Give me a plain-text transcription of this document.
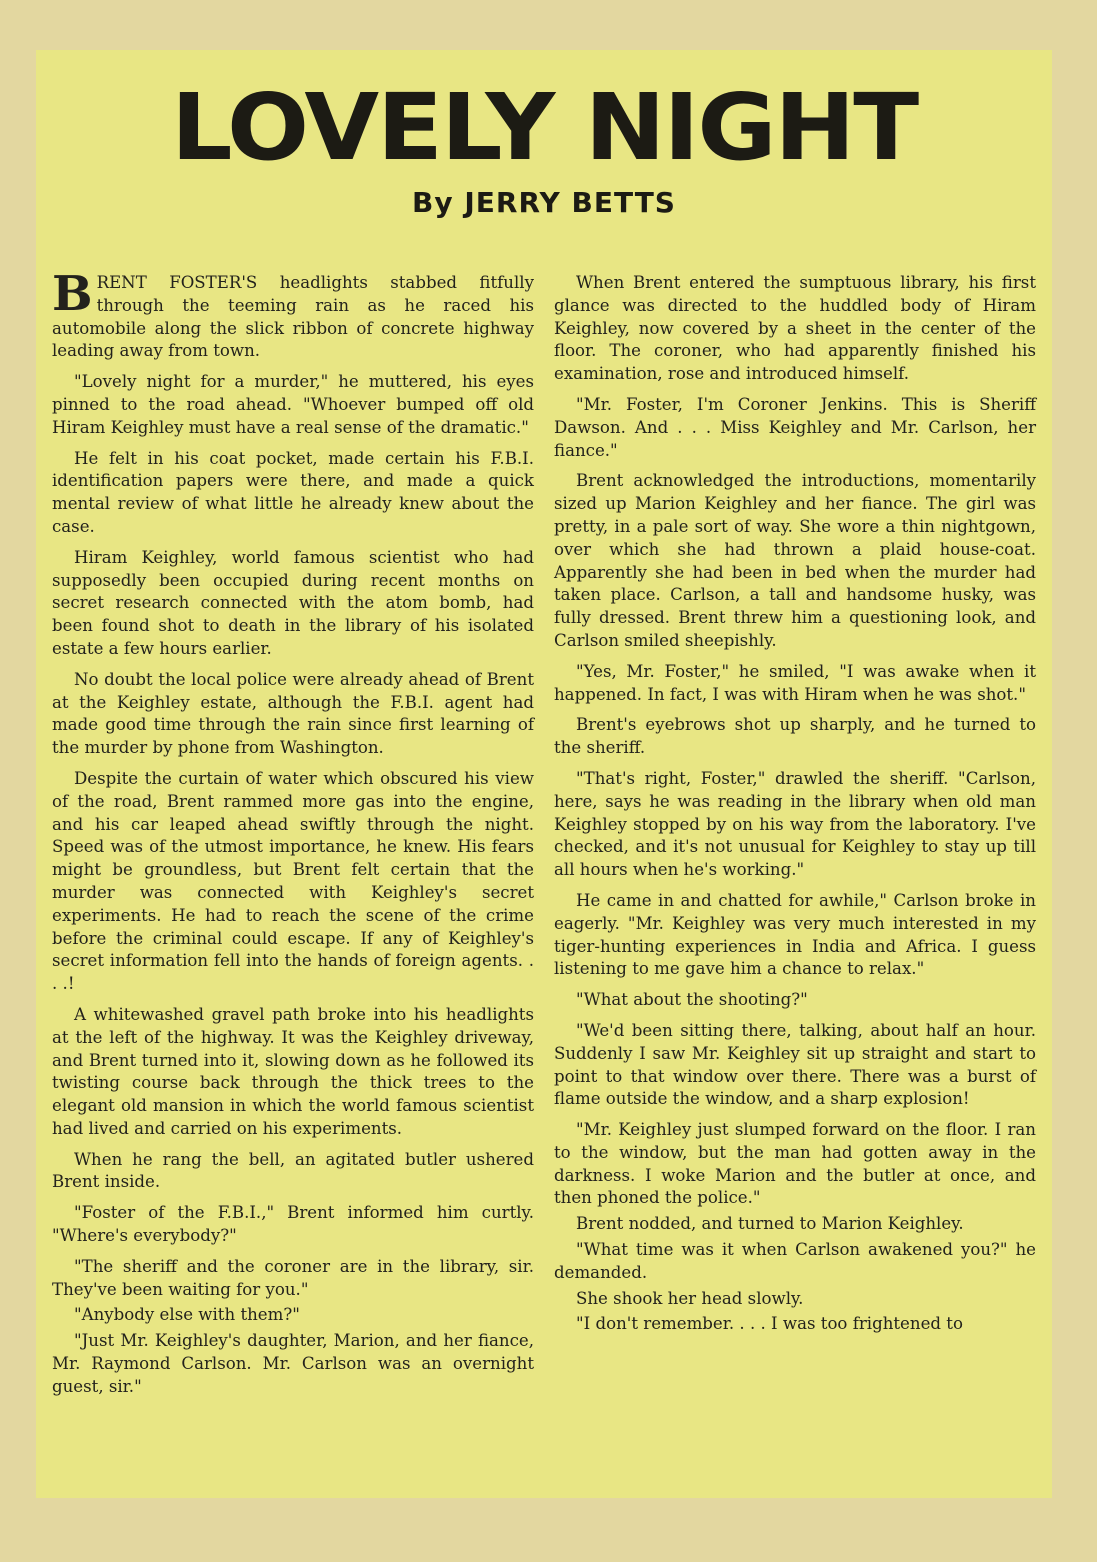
LOVELY NIGHT
By JERRY BETTS

BRENT FOSTER'S headlights stabbed fitfully through the teeming rain as he raced his automobile along the slick ribbon of concrete highway leading away from town.

"Lovely night for a murder," he muttered, his eyes pinned to the road ahead. "Whoever bumped off old Hiram Keighley must have a real sense of the dramatic."

He felt in his coat pocket, made certain his F.B.I. identification papers were there, and made a quick mental review of what little he already knew about the case.

Hiram Keighley, world famous scientist who had supposedly been occupied during recent months on secret research connected with the atom bomb, had been found shot to death in the library of his isolated estate a few hours earlier.

No doubt the local police were already ahead of Brent at the Keighley estate, although the F.B.I. agent had made good time through the rain since first learning of the murder by phone from Washington.

Despite the curtain of water which obscured his view of the road, Brent rammed more gas into the engine, and his car leaped ahead swiftly through the night. Speed was of the utmost importance, he knew. His fears might be groundless, but Brent felt certain that the murder was connected with Keighley's secret experiments. He had to reach the scene of the crime before the criminal could escape. If any of Keighley's secret information fell into the hands of foreign agents. . . .!

A whitewashed gravel path broke into his headlights at the left of the highway. It was the Keighley driveway, and Brent turned into it, slowing down as he followed its twisting course back through the thick trees to the elegant old mansion in which the world famous scientist had lived and carried on his experiments.

When he rang the bell, an agitated butler ushered Brent inside.

"Foster of the F.B.I.," Brent informed him curtly. "Where's everybody?"

"The sheriff and the coroner are in the library, sir. They've been waiting for you."

"Anybody else with them?"

"Just Mr. Keighley's daughter, Marion, and her fiance, Mr. Raymond Carlson. Mr. Carlson was an overnight guest, sir."

When Brent entered the sumptuous library, his first glance was directed to the huddled body of Hiram Keighley, now covered by a sheet in the center of the floor. The coroner, who had apparently finished his examination, rose and introduced himself.

"Mr. Foster, I'm Coroner Jenkins. This is Sheriff Dawson. And . . . Miss Keighley and Mr. Carlson, her fiance."

Brent acknowledged the introductions, momentarily sized up Marion Keighley and her fiance. The girl was pretty, in a pale sort of way. She wore a thin nightgown, over which she had thrown a plaid house-coat. Apparently she had been in bed when the murder had taken place. Carlson, a tall and handsome husky, was fully dressed. Brent threw him a questioning look, and Carlson smiled sheepishly.

"Yes, Mr. Foster," he smiled, "I was awake when it happened. In fact, I was with Hiram when he was shot."

Brent's eyebrows shot up sharply, and he turned to the sheriff.

"That's right, Foster," drawled the sheriff. "Carlson, here, says he was reading in the library when old man Keighley stopped by on his way from the laboratory. I've checked, and it's not unusual for Keighley to stay up till all hours when he's working."

He came in and chatted for awhile," Carlson broke in eagerly. "Mr. Keighley was very much interested in my tiger-hunting experiences in India and Africa. I guess listening to me gave him a chance to relax."

"What about the shooting?"

"We'd been sitting there, talking, about half an hour. Suddenly I saw Mr. Keighley sit up straight and start to point to that window over there. There was a burst of flame outside the window, and a sharp explosion!

"Mr. Keighley just slumped forward on the floor. I ran to the window, but the man had gotten away in the darkness. I woke Marion and the butler at once, and then phoned the police."

Brent nodded, and turned to Marion Keighley.

"What time was it when Carlson awakened you?" he demanded.

She shook her head slowly.

"I don't remember. . . . I was too frightened to
